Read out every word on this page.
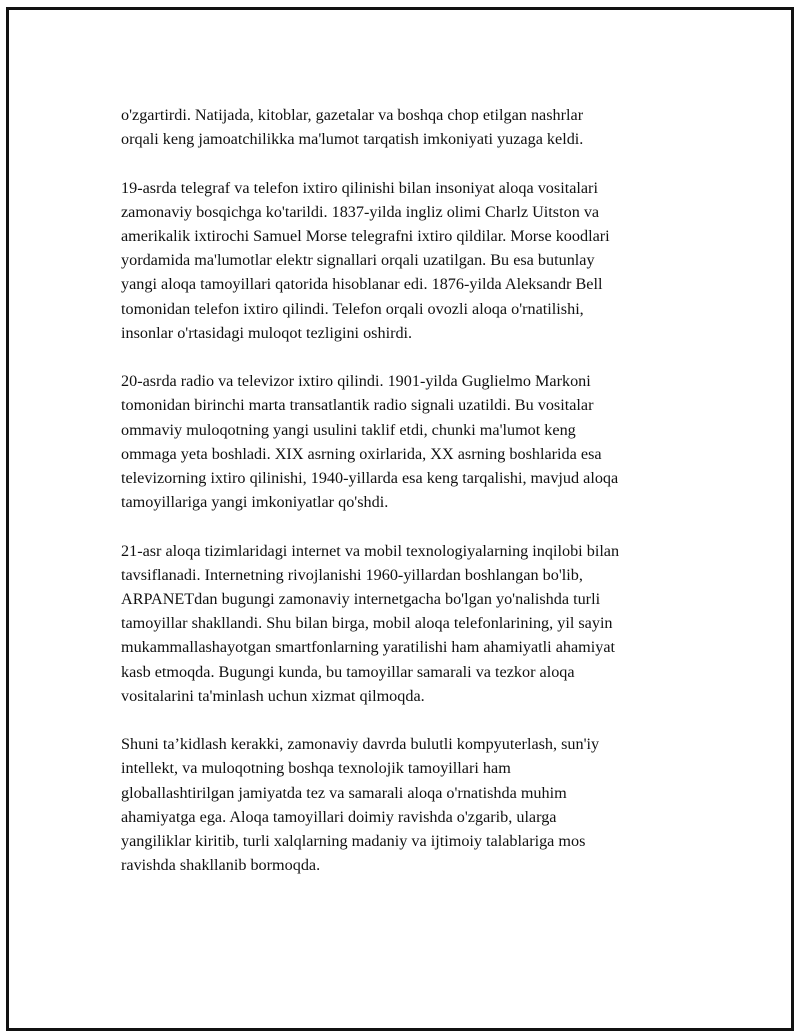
o'zgartirdi. Natijada, kitoblar, gazetalar va boshqa chop etilgan nashrlar
orqali keng jamoatchilikka ma'lumot tarqatish imkoniyati yuzaga keldi.

19-asrda telegraf va telefon ixtiro qilinishi bilan insoniyat aloqa vositalari
zamonaviy bosqichga ko'tarildi. 1837-yilda ingliz olimi Charlz Uitston va
amerikalik ixtirochi Samuel Morse telegrafni ixtiro qildilar. Morse koodlari
yordamida ma'lumotlar elektr signallari orqali uzatilgan. Bu esa butunlay
yangi aloqa tamoyillari qatorida hisoblanar edi. 1876-yilda Aleksandr Bell
tomonidan telefon ixtiro qilindi. Telefon orqali ovozli aloqa o'rnatilishi,
insonlar o'rtasidagi muloqot tezligini oshirdi.

20-asrda radio va televizor ixtiro qilindi. 1901-yilda Guglielmo Markoni
tomonidan birinchi marta transatlantik radio signali uzatildi. Bu vositalar
ommaviy muloqotning yangi usulini taklif etdi, chunki ma'lumot keng
ommaga yeta boshladi. XIX asrning oxirlarida, XX asrning boshlarida esa
televizorning ixtiro qilinishi, 1940-yillarda esa keng tarqalishi, mavjud aloqa
tamoyillariga yangi imkoniyatlar qo'shdi.

21-asr aloqa tizimlaridagi internet va mobil texnologiyalarning inqilobi bilan
tavsiflanadi. Internetning rivojlanishi 1960-yillardan boshlangan bo'lib,
ARPANETdan bugungi zamonaviy internetgacha bo'lgan yo'nalishda turli
tamoyillar shakllandi. Shu bilan birga, mobil aloqa telefonlarining, yil sayin
mukammallashayotgan smartfonlarning yaratilishi ham ahamiyatli ahamiyat
kasb etmoqda. Bugungi kunda, bu tamoyillar samarali va tezkor aloqa
vositalarini ta'minlash uchun xizmat qilmoqda.

Shuni ta’kidlash kerakki, zamonaviy davrda bulutli kompyuterlash, sun'iy
intellekt, va muloqotning boshqa texnolojik tamoyillari ham
globallashtirilgan jamiyatda tez va samarali aloqa o'rnatishda muhim
ahamiyatga ega. Aloqa tamoyillari doimiy ravishda o'zgarib, ularga
yangiliklar kiritib, turli xalqlarning madaniy va ijtimoiy talablariga mos
ravishda shakllanib bormoqda.
